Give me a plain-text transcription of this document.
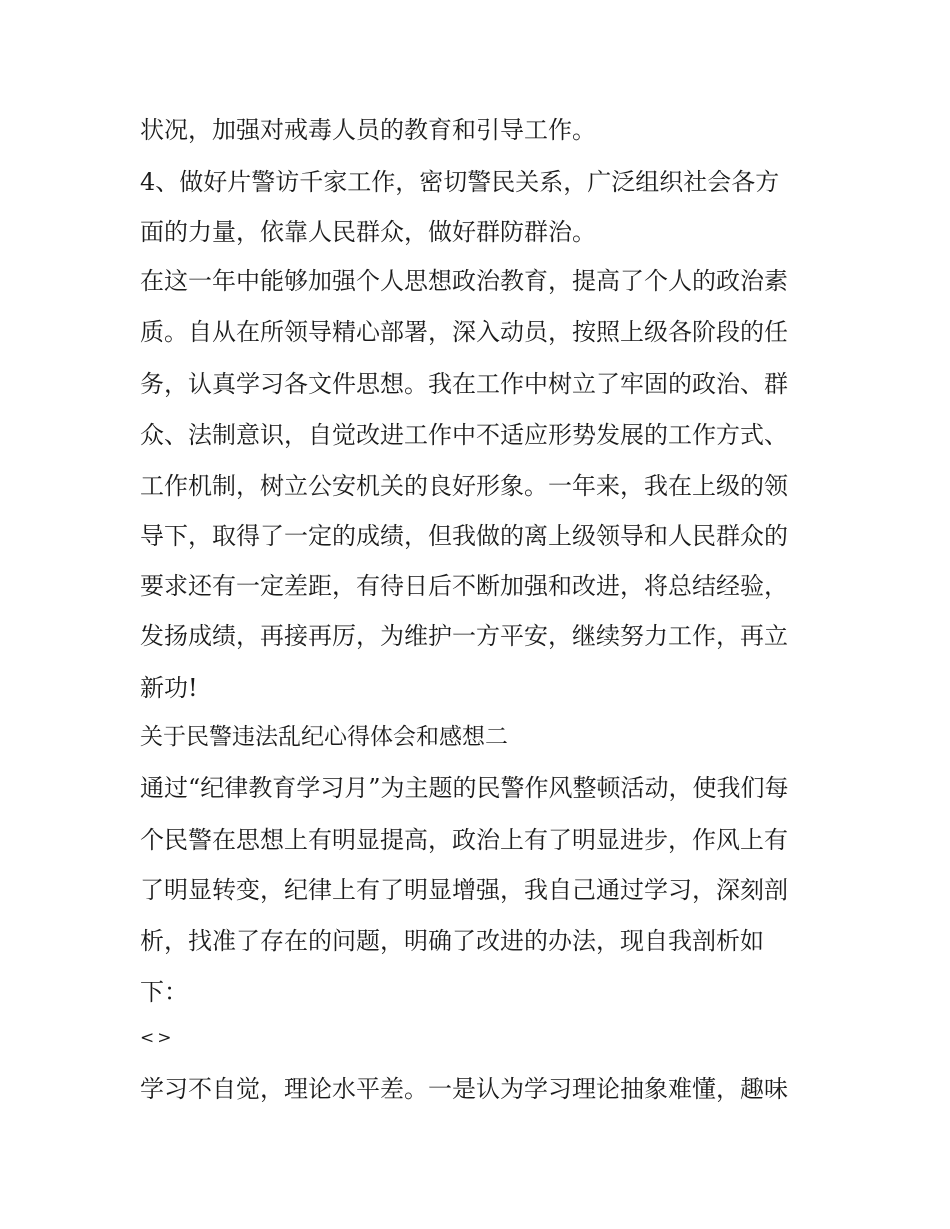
状况，加强对戒毒人员的教育和引导工作。
4、做好片警访千家工作，密切警民关系，广泛组织社会各方
面的力量，依靠人民群众，做好群防群治。
在这一年中能够加强个人思想政治教育，提高了个人的政治素
质。自从在所领导精心部署，深入动员，按照上级各阶段的任
务，认真学习各文件思想。我在工作中树立了牢固的政治、群
众、法制意识，自觉改进工作中不适应形势发展的工作方式、
工作机制，树立公安机关的良好形象。一年来，我在上级的领
导下，取得了一定的成绩，但我做的离上级领导和人民群众的
要求还有一定差距，有待日后不断加强和改进，将总结经验，
发扬成绩，再接再厉，为维护一方平安，继续努力工作，再立
新功!
关于民警违法乱纪心得体会和感想二
通过“纪律教育学习月”为主题的民警作风整顿活动，使我们每
个民警在思想上有明显提高，政治上有了明显进步，作风上有
了明显转变，纪律上有了明显增强，我自己通过学习，深刻剖
析，找准了存在的问题，明确了改进的办法，现自我剖析如
下：
<>
学习不自觉，理论水平差。一是认为学习理论抽象难懂，趣味
